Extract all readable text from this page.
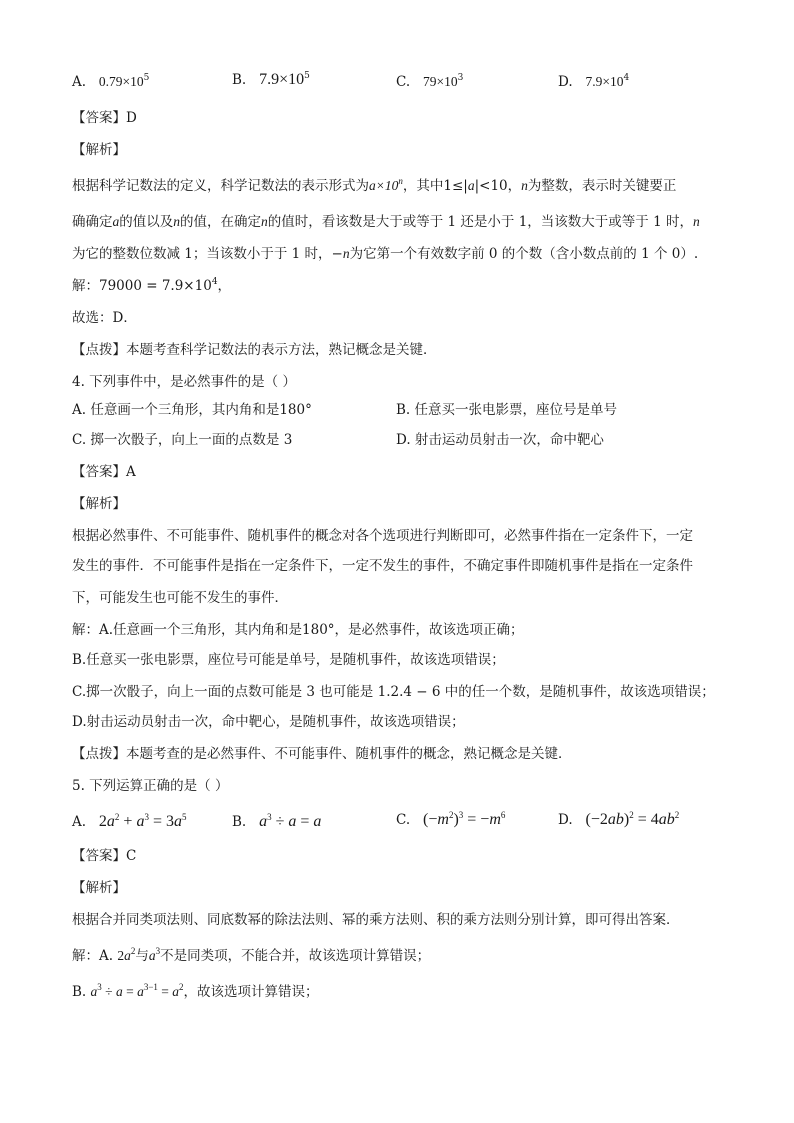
A. $0.79\times 10^5$	B. $7.9\times 10^5$	C. $79\times 10^3$	D. $7.9\times 10^4$
【答案】D
【解析】
根据科学记数法的定义，科学记数法的表示形式为$a\times 10^n$，其中1≤|a|<10，n为整数，表示时关键要正
确确定a的值以及n的值，在确定n的值时，看该数是大于或等于 1 还是小于 1，当该数大于或等于 1 时，n
为它的整数位数减 1；当该数小于于 1 时，−n为它第一个有效数字前 0 的个数（含小数点前的 1 个 0）.
解：$79000 = 7.9\times 10^4$，
故选：D．
【点拨】本题考查科学记数法的表示方法，熟记概念是关键．
4. 下列事件中，是必然事件的是（ ）
A. 任意画一个三角形，其内角和是180°	B. 任意买一张电影票，座位号是单号
C. 掷一次骰子，向上一面的点数是 3	D. 射击运动员射击一次，命中靶心
【答案】A
【解析】
根据必然事件、不可能事件、随机事件的概念对各个选项进行判断即可，必然事件指在一定条件下，一定
发生的事件．不可能事件是指在一定条件下，一定不发生的事件，不确定事件即随机事件是指在一定条件
下，可能发生也可能不发生的事件．
解：A.任意画一个三角形，其内角和是180°，是必然事件，故该选项正确；
B.任意买一张电影票，座位号可能是单号，是随机事件，故该选项错误；
C.掷一次骰子，向上一面的点数可能是 3 也可能是 1.2.4 − 6 中的任一个数，是随机事件，故该选项错误；
D.射击运动员射击一次，命中靶心，是随机事件，故该选项错误；
【点拨】本题考查的是必然事件、不可能事件、随机事件的概念，熟记概念是关键．
5. 下列运算正确的是（ ）
A. $2a^2 + a^3 = 3a^5$	B. $a^3 \div a = a$	C. $(-m^2)^3 = -m^6$	D. $(-2ab)^2 = 4ab^2$
【答案】C
【解析】
根据合并同类项法则、同底数幂的除法法则、幂的乘方法则、积的乘方法则分别计算，即可得出答案．
解：A. $2a^2$与$a^3$不是同类项，不能合并，故该选项计算错误；
B. $a^3 \div a = a^{3-1} = a^2$，故该选项计算错误；
